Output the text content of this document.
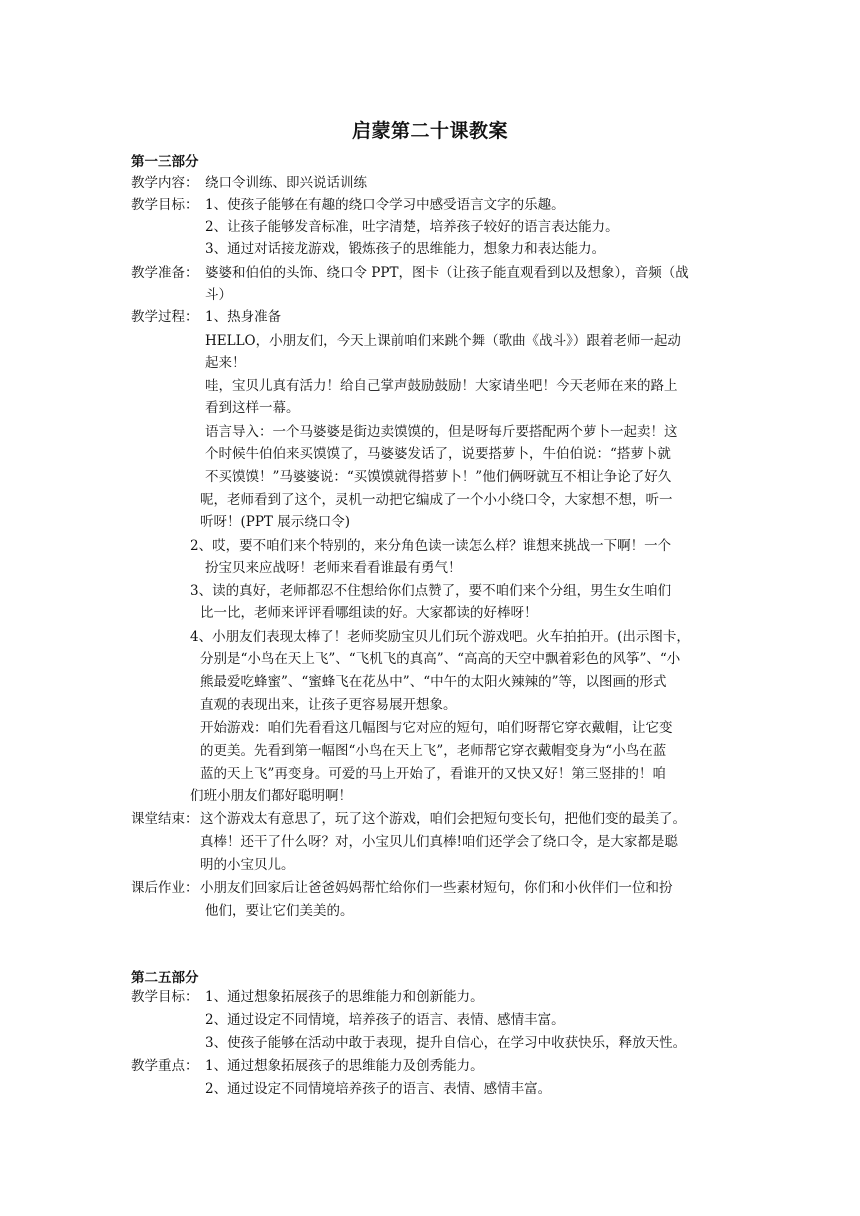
启蒙第二十课教案
第一三部分
教学内容： 绕口令训练、即兴说话训练
教学目标： 1、使孩子能够在有趣的绕口令学习中感受语言文字的乐趣。
2、让孩子能够发音标准，吐字清楚，培养孩子较好的语言表达能力。
3、通过对话接龙游戏，锻炼孩子的思维能力，想象力和表达能力。
教学准备： 婆婆和伯伯的头饰、绕口令 PPT，图卡（让孩子能直观看到以及想象），音频（战
斗）
教学过程： 1、热身准备
HELLO，小朋友们，今天上课前咱们来跳个舞（歌曲《战斗》）跟着老师一起动
起来！
哇，宝贝儿真有活力！给自己掌声鼓励鼓励！大家请坐吧！今天老师在来的路上
看到这样一幕。
语言导入：一个马婆婆是街边卖馍馍的，但是呀每斤要搭配两个萝卜一起卖！这
个时候牛伯伯来买馍馍了，马婆婆发话了，说要搭萝卜，牛伯伯说：“搭萝卜就
不买馍馍！”马婆婆说：“买馍馍就得搭萝卜！”他们俩呀就互不相让争论了好久
呢，老师看到了这个，灵机一动把它编成了一个小小绕口令，大家想不想，听一
听呀！(PPT 展示绕口令)
2、哎，要不咱们来个特别的，来分角色读一读怎么样？谁想来挑战一下啊！一个
扮宝贝来应战呀！老师来看看谁最有勇气！
3、读的真好，老师都忍不住想给你们点赞了，要不咱们来个分组，男生女生咱们
比一比，老师来评评看哪组读的好。大家都读的好棒呀！
4、小朋友们表现太棒了！老师奖励宝贝儿们玩个游戏吧。火车拍拍开。(出示图卡，
分别是“小鸟在天上飞”、“飞机飞的真高”、“高高的天空中飘着彩色的风筝”、“小
熊最爱吃蜂蜜”、“蜜蜂飞在花丛中”、“中午的太阳火辣辣的”等，以图画的形式
直观的表现出来，让孩子更容易展开想象。
开始游戏：咱们先看看这几幅图与它对应的短句，咱们呀帮它穿衣戴帽，让它变
的更美。先看到第一幅图“小鸟在天上飞”，老师帮它穿衣戴帽变身为“小鸟在蓝
蓝的天上飞”再变身。可爱的马上开始了，看谁开的又快又好！第三竖排的！咱
们班小朋友们都好聪明啊！
课堂结束： 这个游戏太有意思了，玩了这个游戏，咱们会把短句变长句，把他们变的最美了。
真棒！还干了什么呀？对，小宝贝儿们真棒!咱们还学会了绕口令，是大家都是聪
明的小宝贝儿。
课后作业： 小朋友们回家后让爸爸妈妈帮忙给你们一些素材短句，你们和小伙伴们一位和扮
他们，要让它们美美的。
第二五部分
教学目标： 1、通过想象拓展孩子的思维能力和创新能力。
2、通过设定不同情境，培养孩子的语言、表情、感情丰富。
3、使孩子能够在活动中敢于表现，提升自信心，在学习中收获快乐，释放天性。
教学重点： 1、通过想象拓展孩子的思维能力及创秀能力。
2、通过设定不同情境培养孩子的语言、表情、感情丰富。
